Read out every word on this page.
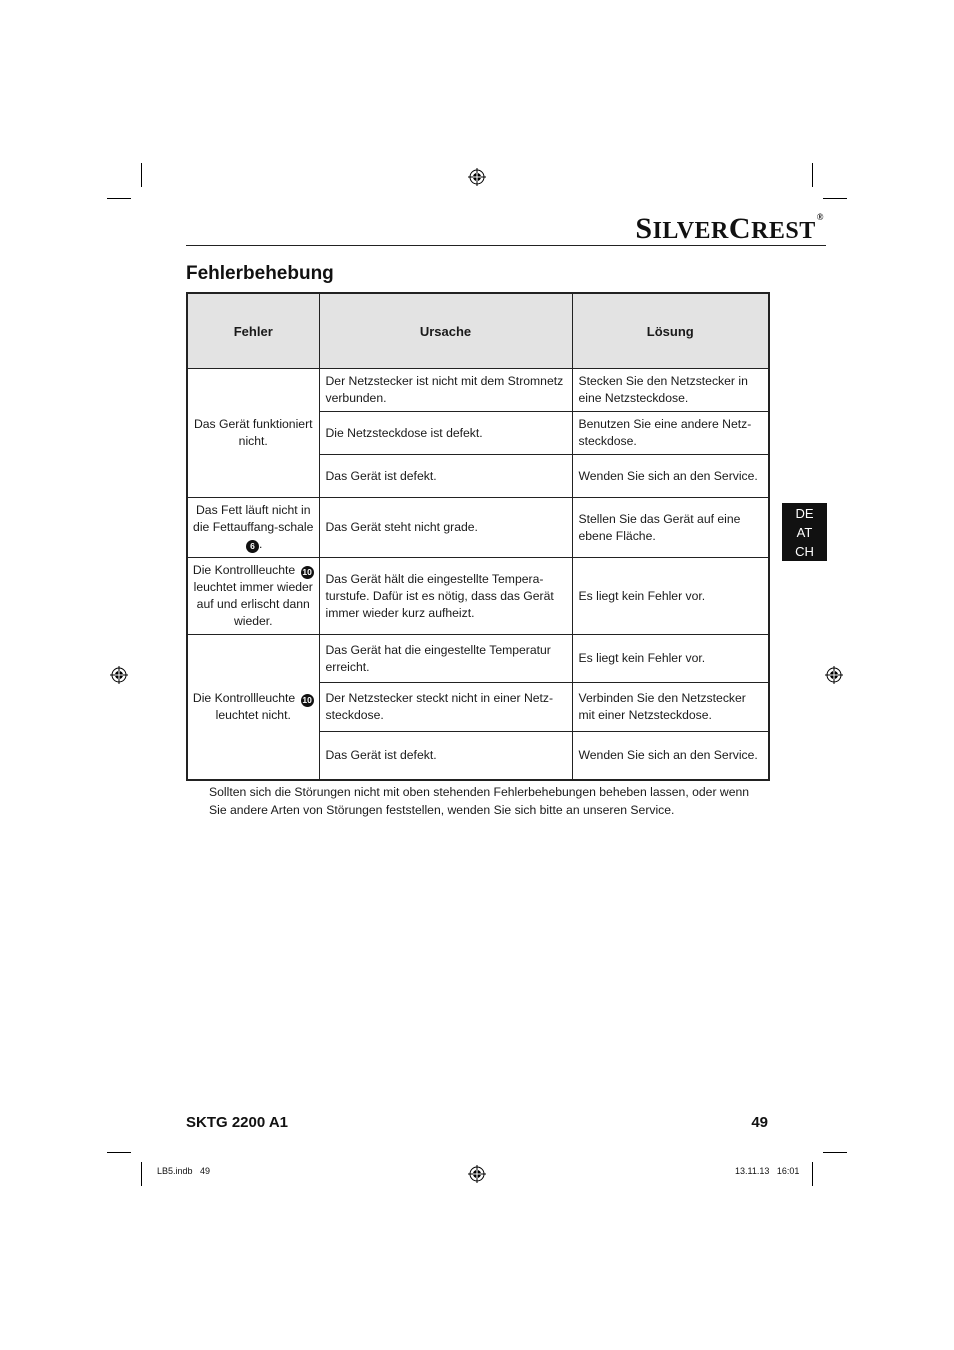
SILVERCREST®
Fehlerbehebung
Fehler	Ursache	Lösung
Das Gerät funktioniert nicht.	Der Netzstecker ist nicht mit dem Stromnetz verbunden.	Stecken Sie den Netzstecker in eine Netzsteckdose.
	Die Netzsteckdose ist defekt.	Benutzen Sie eine andere Netz-steckdose.
	Das Gerät ist defekt.	Wenden Sie sich an den Service.
Das Fett läuft nicht in die Fettauffang-schale 6 .	Das Gerät steht nicht grade.	Stellen Sie das Gerät auf eine ebene Fläche.
Die Kontrollleuchte 10 leuchtet immer wieder auf und erlischt dann wieder.	Das Gerät hält die eingestellte Tempera-turstufe. Dafür ist es nötig, dass das Gerät immer wieder kurz aufheizt.	Es liegt kein Fehler vor.
Die Kontrollleuchte 10 leuchtet nicht.	Das Gerät hat die eingestellte Temperatur erreicht.	Es liegt kein Fehler vor.
	Der Netzstecker steckt nicht in einer Netz-steckdose.	Verbinden Sie den Netzstecker mit einer Netzsteckdose.
	Das Gerät ist defekt.	Wenden Sie sich an den Service.
Sollten sich die Störungen nicht mit oben stehenden Fehlerbehebungen beheben lassen, oder wenn Sie andere Arten von Störungen feststellen, wenden Sie sich bitte an unseren Service.
DE
AT
CH
SKTG 2200 A1	49
LB5.indb 49	13.11.13 16:01
